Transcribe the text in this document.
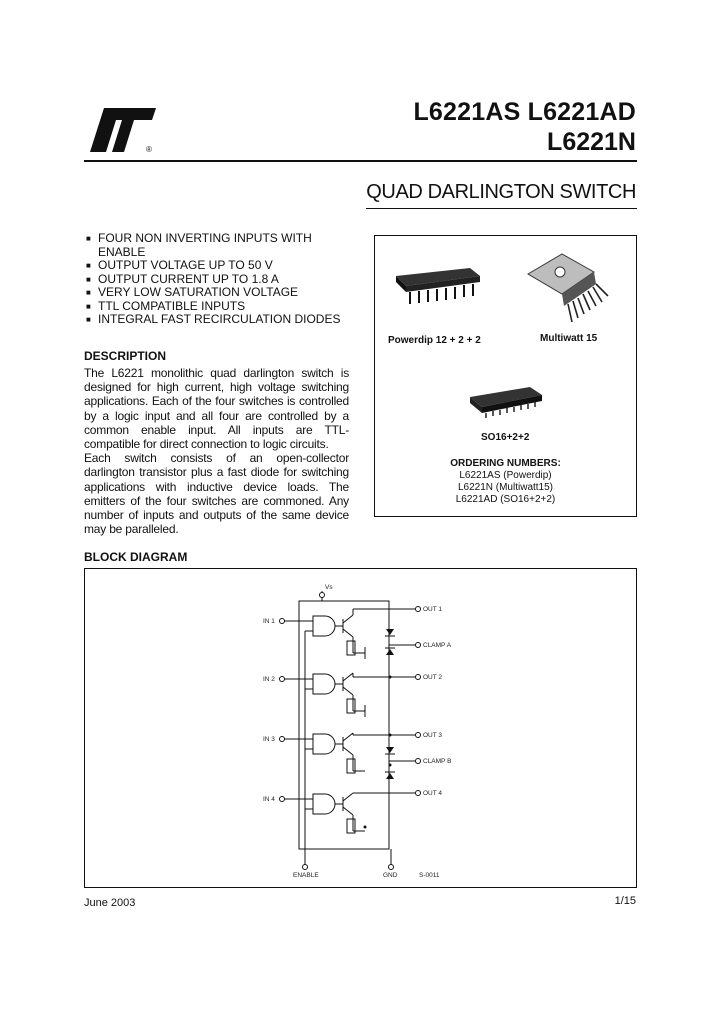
®
L6221AS L6221AD
L6221N
QUAD DARLINGTON SWITCH
■ FOUR NON INVERTING INPUTS WITH ENABLE
■ OUTPUT VOLTAGE UP TO 50 V
■ OUTPUT CURRENT UP TO 1.8 A
■ VERY LOW SATURATION VOLTAGE
■ TTL COMPATIBLE INPUTS
■ INTEGRAL FAST RECIRCULATION DIODES
DESCRIPTION

The L6221 monolithic quad darlington switch is designed for high current, high voltage switching applications. Each of the four switches is controlled by a logic input and all four are controlled by a common enable input. All inputs are TTL-compatible for direct connection to logic circuits.

Each switch consists of an open-collector darlington transistor plus a fast diode for switching applications with inductive device loads. The emitters of the four switches are commoned. Any number of inputs and outputs of the same device may be paralleled.

Powerdip 12 + 2 + 2	Multiwatt 15
SO16+2+2
ORDERING NUMBERS:
L6221AS (Powerdip)
L6221N (Multiwatt15)
L6221AD (SO16+2+2)
BLOCK DIAGRAM
Vs
IN 1
IN 2
IN 3
IN 4
OUT 1
CLAMP A
OUT 2
OUT 3
CLAMP B
OUT 4
ENABLE	GND	S-0011
June 2003	1/15
